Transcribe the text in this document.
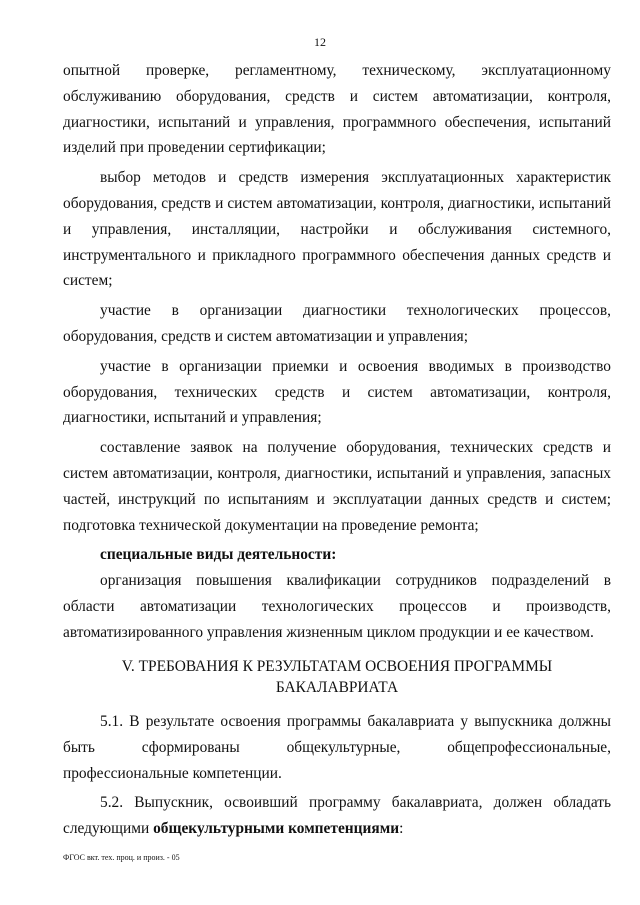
12

опытной проверке, регламентному, техническому, эксплуатационному обслуживанию оборудования, средств и систем автоматизации, контроля, диагностики, испытаний и управления, программного обеспечения, испытаний изделий при проведении сертификации;

выбор методов и средств измерения эксплуатационных характеристик оборудования, средств и систем автоматизации, контроля, диагностики, испытаний и управления, инсталляции, настройки и обслуживания системного, инструментального и прикладного программного обеспечения данных средств и систем;

участие в организации диагностики технологических процессов, оборудования, средств и систем автоматизации и управления;

участие в организации приемки и освоения вводимых в производство оборудования, технических средств и систем автоматизации, контроля, диагностики, испытаний и управления;

составление заявок на получение оборудования, технических средств и систем автоматизации, контроля, диагностики, испытаний и управления, запасных частей, инструкций по испытаниям и эксплуатации данных средств и систем; подготовка технической документации на проведение ремонта;

специальные виды деятельности:

организация повышения квалификации сотрудников подразделений в области автоматизации технологических процессов и производств, автоматизированного управления жизненным циклом продукции и ее качеством.

V. ТРЕБОВАНИЯ К РЕЗУЛЬТАТАМ ОСВОЕНИЯ ПРОГРАММЫ
БАКАЛАВРИАТА

5.1. В результате освоения программы бакалавриата у выпускника должны быть сформированы общекультурные, общепрофессиональные, профессиональные компетенции.

5.2. Выпускник, освоивший программу бакалавриата, должен обладать следующими общекультурными компетенциями:

ФГОС вкт. тех. проц. и произ. - 05
